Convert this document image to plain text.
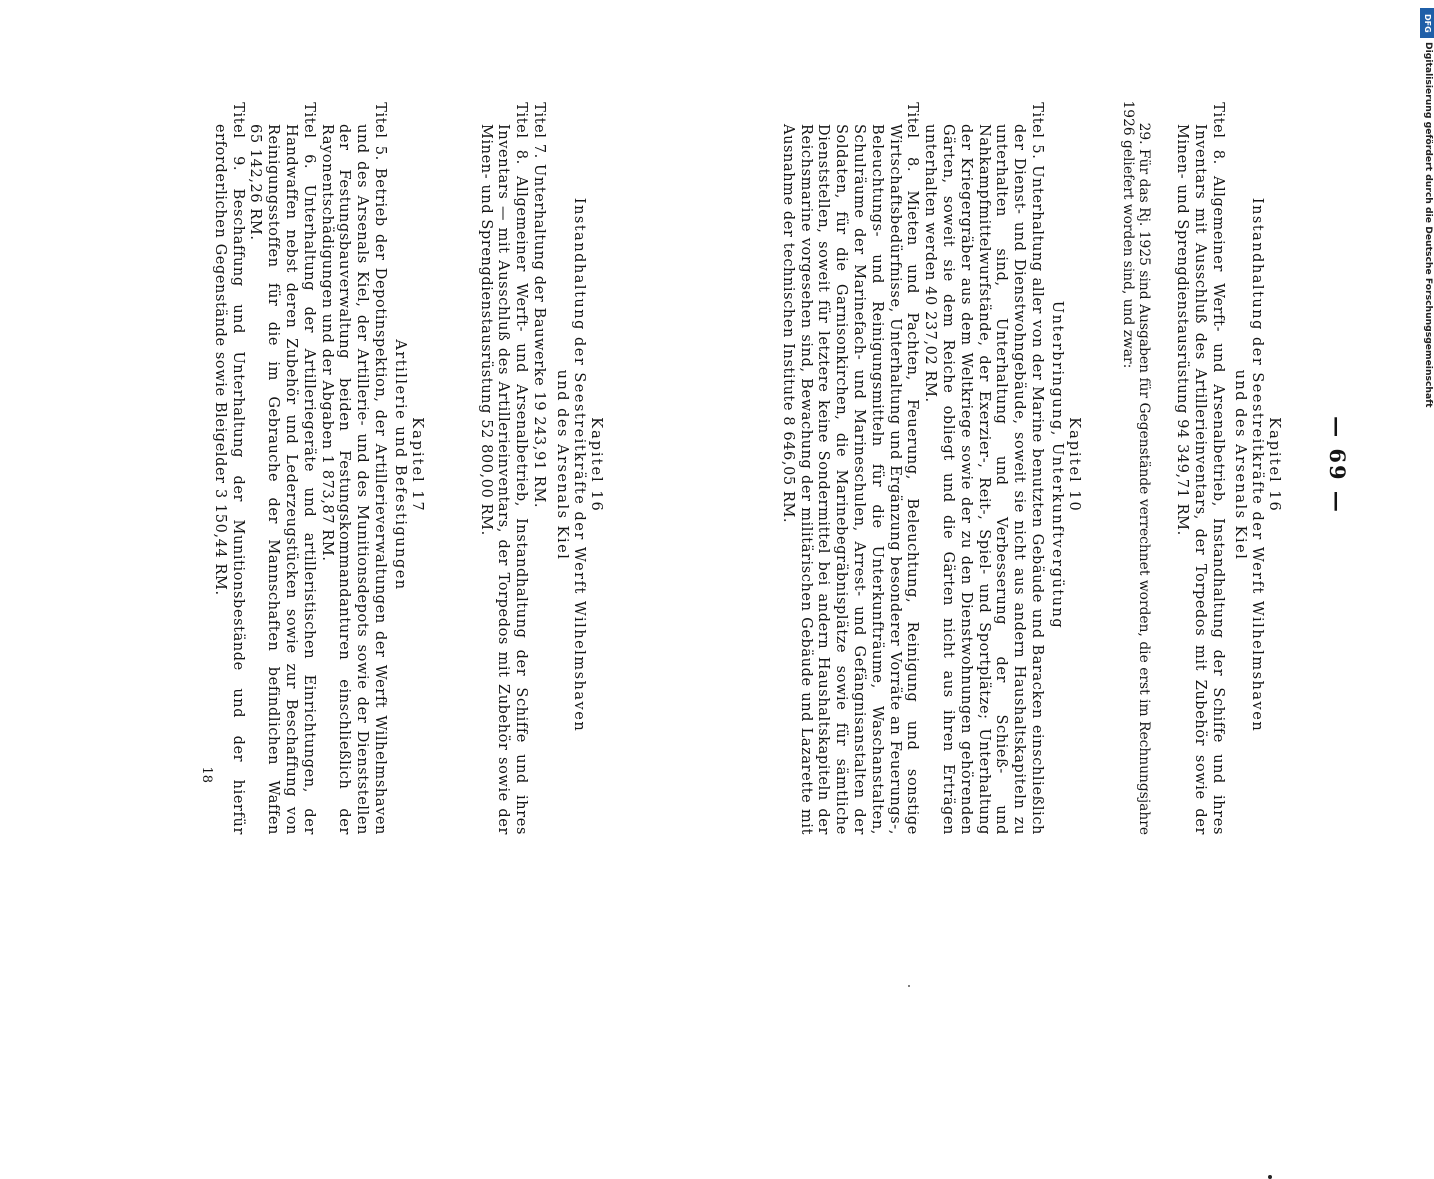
— 69 —
Kapitel 16
Instandhaltung der Seestreitkräfte der Werft Wilhelmshaven
und des Arsenals Kiel

Titel 8. Allgemeiner Werft- und Arsenalbetrieb, Instandhaltung der Schiffe und ihres Inventars mit Ausschluß des Artillerieinventars, der Torpedos mit Zubehör sowie der Minen- und Sprengdienstausrüstung 94 349,71 RM.

29. Für das Rj. 1925 sind Ausgaben für Gegenstände verrechnet worden, die erst im Rechnungsjahre 1926 geliefert worden sind, und zwar:

Kapitel 10
Unterbringung, Unterkunftvergütung

Titel 5. Unterhaltung aller von der Marine benutzten Gebäude und Baracken einschließlich der Dienst- und Dienstwohngebäude, soweit sie nicht aus andern Haushaltskapiteln zu unterhalten sind, Unterhaltung und Verbesserung der Schieß- und Nahkampfmittelwurfstände, der Exerzier-, Reit-, Spiel- und Sportplätze; Unterhaltung der Kriegergräber aus dem Weltkriege sowie der zu den Dienstwohnungen gehörenden Gärten, soweit sie dem Reiche obliegt und die Gärten nicht aus ihren Erträgen unterhalten werden 40 237,02 RM.

Titel 8. Mieten und Pachten, Feuerung, Beleuchtung, Reinigung und sonstige Wirtschaftsbedürfnisse, Unterhaltung und Ergänzung besonderer Vorräte an Feuerungs-, Beleuchtungs- und Reinigungsmitteln für die Unterkunfträume, Waschanstalten, Schulräume der Marinefach- und Marineschulen, Arrest- und Gefängnisanstalten der Soldaten, für die Garnisonkirchen, die Marinebegräbnisplätze sowie für sämtliche Dienststellen, soweit für letztere keine Sondermittel bei andern Haushaltskapiteln der Reichsmarine vorgesehen sind, Bewachung der militärischen Gebäude und Lazarette mit Ausnahme der technischen Institute 8 646,05 RM.

Kapitel 16
Instandhaltung der Seestreitkräfte der Werft Wilhelmshaven
und des Arsenals Kiel

Titel 7. Unterhaltung der Bauwerke 19 243,91 RM.

Titel 8. Allgemeiner Werft- und Arsenalbetrieb, Instandhaltung der Schiffe und ihres Inventars — mit Ausschluß des Artillerieinventars, der Torpedos mit Zubehör sowie der Minen- und Sprengdienstausrüstung 52 800,00 RM.

Kapitel 17
Artillerie und Befestigungen

Titel 5. Betrieb der Depotinspektion, der Artillerieverwaltungen der Werft Wilhelmshaven und des Arsenals Kiel, der Artillerie- und des Munitionsdepots sowie der Dienststellen der Festungsbauverwaltung beiden Festungskommandanturen einschließlich der Rayonentschädigungen und der Abgaben 1 873,87 RM.

Titel 6. Unterhaltung der Artilleriegeräte und artilleristischen Einrichtungen, der Handwaffen nebst deren Zubehör und Lederzeugstücken sowie zur Beschaffung von Reinigungsstoffen für die im Gebrauche der Mannschaften befindlichen Waffen 65 142,26 RM.

Titel 9. Beschaffung und Unterhaltung der Munitionsbestände und der hierfür erforderlichen Gegenstände sowie Bleigelder 3 150,44 RM.

18
DFG
Digitalisierung gefördert durch die Deutsche Forschungsgemeinschaft
